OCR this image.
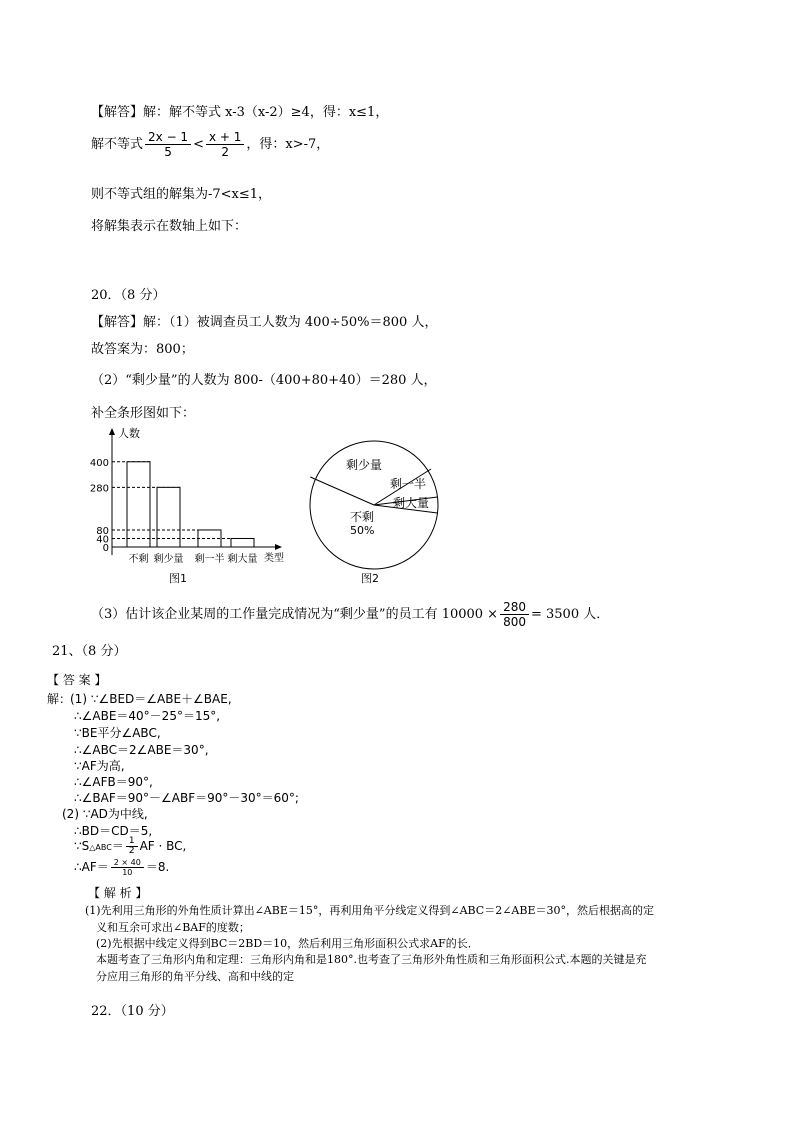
【解答】解：解不等式 x-3（x-2）≥4，得：x≤1，
解不等式 $\frac{2x - 1}{5} < \frac{x + 1}{2}$ ，得：x>-7，
则不等式组的解集为-7<x≤1，
将解集表示在数轴上如下：
20．（8 分）
【解答】解：（1）被调查员工人数为 400÷50%＝800 人，
故答案为：800；
（2）“剩少量”的人数为 800-（400+80+40）＝280 人，
补全条形图如下：
人数
类型
400
280
80
40
0
不剩 剩少量 剩一半 剩大量
图1
剩少量
剩一半
剩大量
不剩
50%
图2
（3）估计该企业某周的工作量完成情况为“剩少量”的员工有 $10000 \times \frac{280}{800} = 3500$ 人．
21、（8 分）
【 答 案 】
解：
(1) ∵∠BED＝∠ABE＋∠BAE,
∴∠ABE＝40°－25°＝15°,
∵BE平分∠ABC,
∴∠ABC＝2∠ABE＝30°,
∵AF为高,
∴∠AFB＝90°,
∴∠BAF＝90°－∠ABF＝90°－30°＝60°;
(2) ∵AD为中线,
∴BD＝CD＝5,
∵S△ABC＝ $\frac{1}{2}$ AF · BC,
∴AF＝ $\frac{2 \times 40}{10} =8$.
【 解 析 】
(1)先利用三角形的外角性质计算出∠ABE＝15°，再利用角平分线定义得到∠ABC＝2∠ABE＝30°，然后根据高的定
义和互余可求出∠BAF的度数；
(2)先根据中线定义得到BC＝2BD＝10，然后利用三角形面积公式求AF的长．
本题考查了三角形内角和定理：三角形内角和是180°.也考查了三角形外角性质和三角形面积公式.本题的关键是充
分应用三角形的角平分线、高和中线的定
22．（10 分）
